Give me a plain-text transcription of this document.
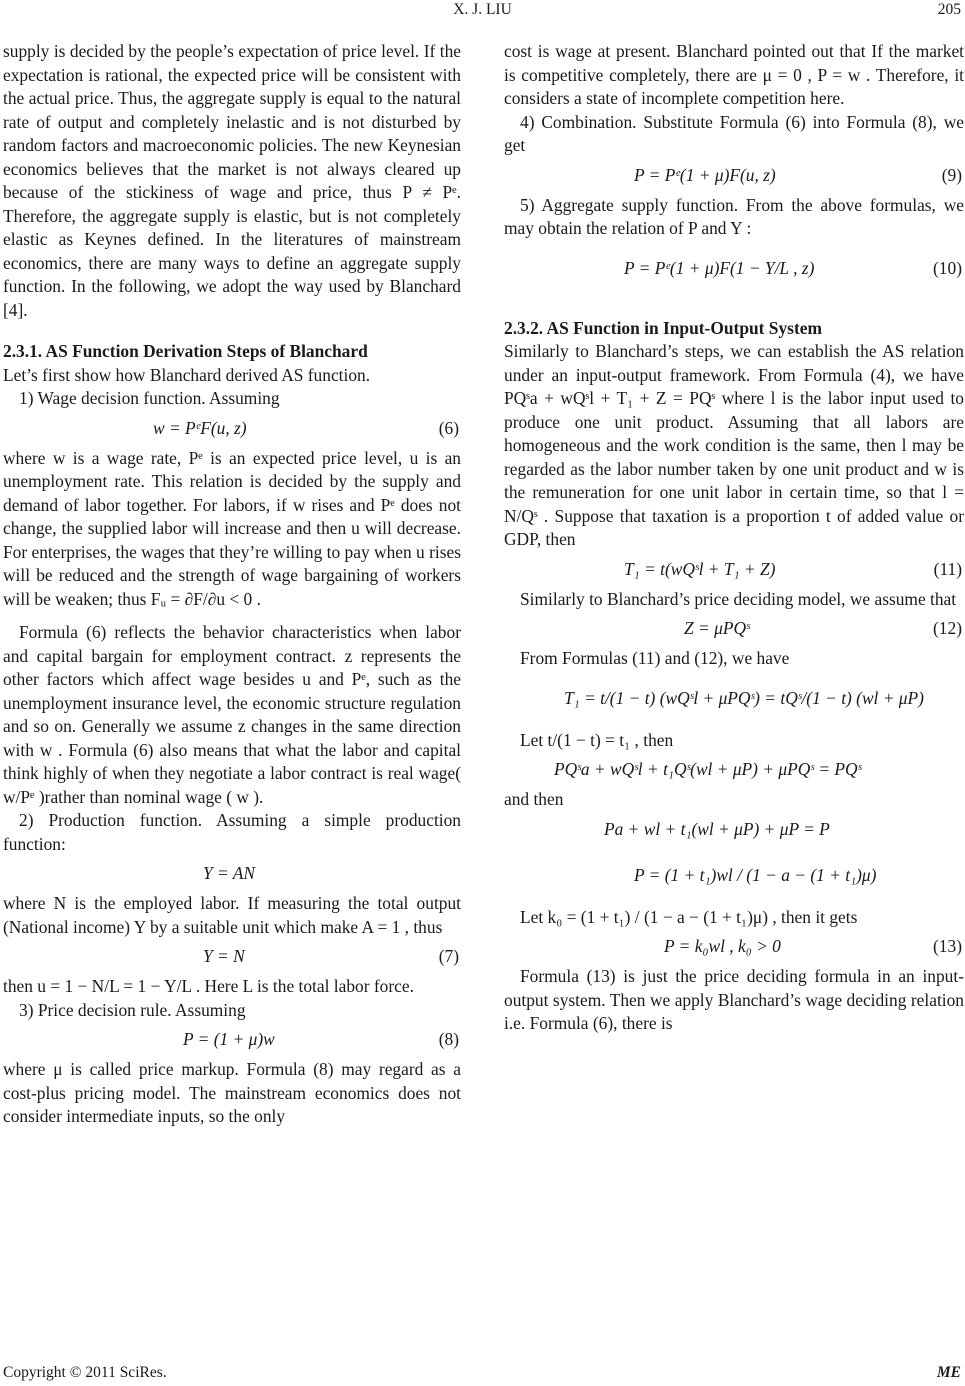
X. J. LIU	205

supply is decided by the people’s expectation of price level. If the expectation is rational, the expected price will be consistent with the actual price. Thus, the aggregate supply is equal to the natural rate of output and completely inelastic and is not disturbed by random factors and macroeconomic policies. The new Keynesian economics believes that the market is not always cleared up because of the stickiness of wage and price, thus P ≠ Pᵉ. Therefore, the aggregate supply is elastic, but is not completely elastic as Keynes defined. In the literatures of mainstream economics, there are many ways to define an aggregate supply function. In the following, we adopt the way used by Blanchard [4].

2.3.1. AS Function Derivation Steps of Blanchard

Let’s first show how Blanchard derived AS function.

1) Wage decision function. Assuming

w = PᵉF(u, z)	(6)

where w is a wage rate, Pᵉ is an expected price level, u is an unemployment rate. This relation is decided by the supply and demand of labor together. For labors, if w rises and Pᵉ does not change, the supplied labor will increase and then u will decrease. For enterprises, the wages that they’re willing to pay when u rises will be reduced and the strength of wage bargaining of workers will be weaken; thus Fᵤ = ∂F/∂u < 0 .

Formula (6) reflects the behavior characteristics when labor and capital bargain for employment contract. z represents the other factors which affect wage besides u and Pᵉ, such as the unemployment insurance level, the economic structure regulation and so on. Generally we assume z changes in the same direction with w . Formula (6) also means that what the labor and capital think highly of when they negotiate a labor contract is real wage( w/Pᵉ )rather than nominal wage ( w ).

2) Production function. Assuming a simple production function:

Y = AN

where N is the employed labor. If measuring the total output (National income) Y by a suitable unit which make A = 1 , thus

Y = N	(7)

then u = 1 − N/L = 1 − Y/L . Here L is the total labor force.

3) Price decision rule. Assuming

P = (1 + μ)w	(8)

where μ is called price markup. Formula (8) may regard as a cost-plus pricing model. The mainstream economics does not consider intermediate inputs, so the only

cost is wage at present. Blanchard pointed out that If the market is competitive completely, there are μ = 0 , P = w . Therefore, it considers a state of incomplete competition here.

4) Combination. Substitute Formula (6) into Formula (8), we get

P = Pᵉ(1 + μ)F(u, z)	(9)

5) Aggregate supply function. From the above formulas, we may obtain the relation of P and Y :

P = Pᵉ(1 + μ)F(1 − Y/L , z)	(10)
2.3.2. AS Function in Input-Output System

Similarly to Blanchard’s steps, we can establish the AS relation under an input-output framework. From Formula (4), we have PQˢa + wQˢl + T₁ + Z = PQˢ where l is the labor input used to produce one unit product. Assuming that all labors are homogeneous and the work condition is the same, then l may be regarded as the labor number taken by one unit product and w is the remuneration for one unit labor in certain time, so that l = N/Qˢ . Suppose that taxation is a proportion t of added value or GDP, then

T₁ = t(wQˢl + T₁ + Z)	(11)

Similarly to Blanchard’s price deciding model, we assume that

Z = μPQˢ	(12)

From Formulas (11) and (12), we have

T₁ = t/(1 − t) (wQˢl + μPQˢ) = tQˢ/(1 − t) (wl + μP)

Let t/(1 − t) = t₁ , then

PQˢa + wQˢl + t₁Qˢ(wl + μP) + μPQˢ = PQˢ

and then

Pa + wl + t₁(wl + μP) + μP = P
P = (1 + t₁)wl / (1 − a − (1 + t₁)μ)

Let k₀ = (1 + t₁) / (1 − a − (1 + t₁)μ) , then it gets

P = k₀wl , k₀ > 0	(13)

Formula (13) is just the price deciding formula in an input-output system. Then we apply Blanchard’s wage deciding relation i.e. Formula (6), there is

Copyright © 2011 SciRes.	ME
